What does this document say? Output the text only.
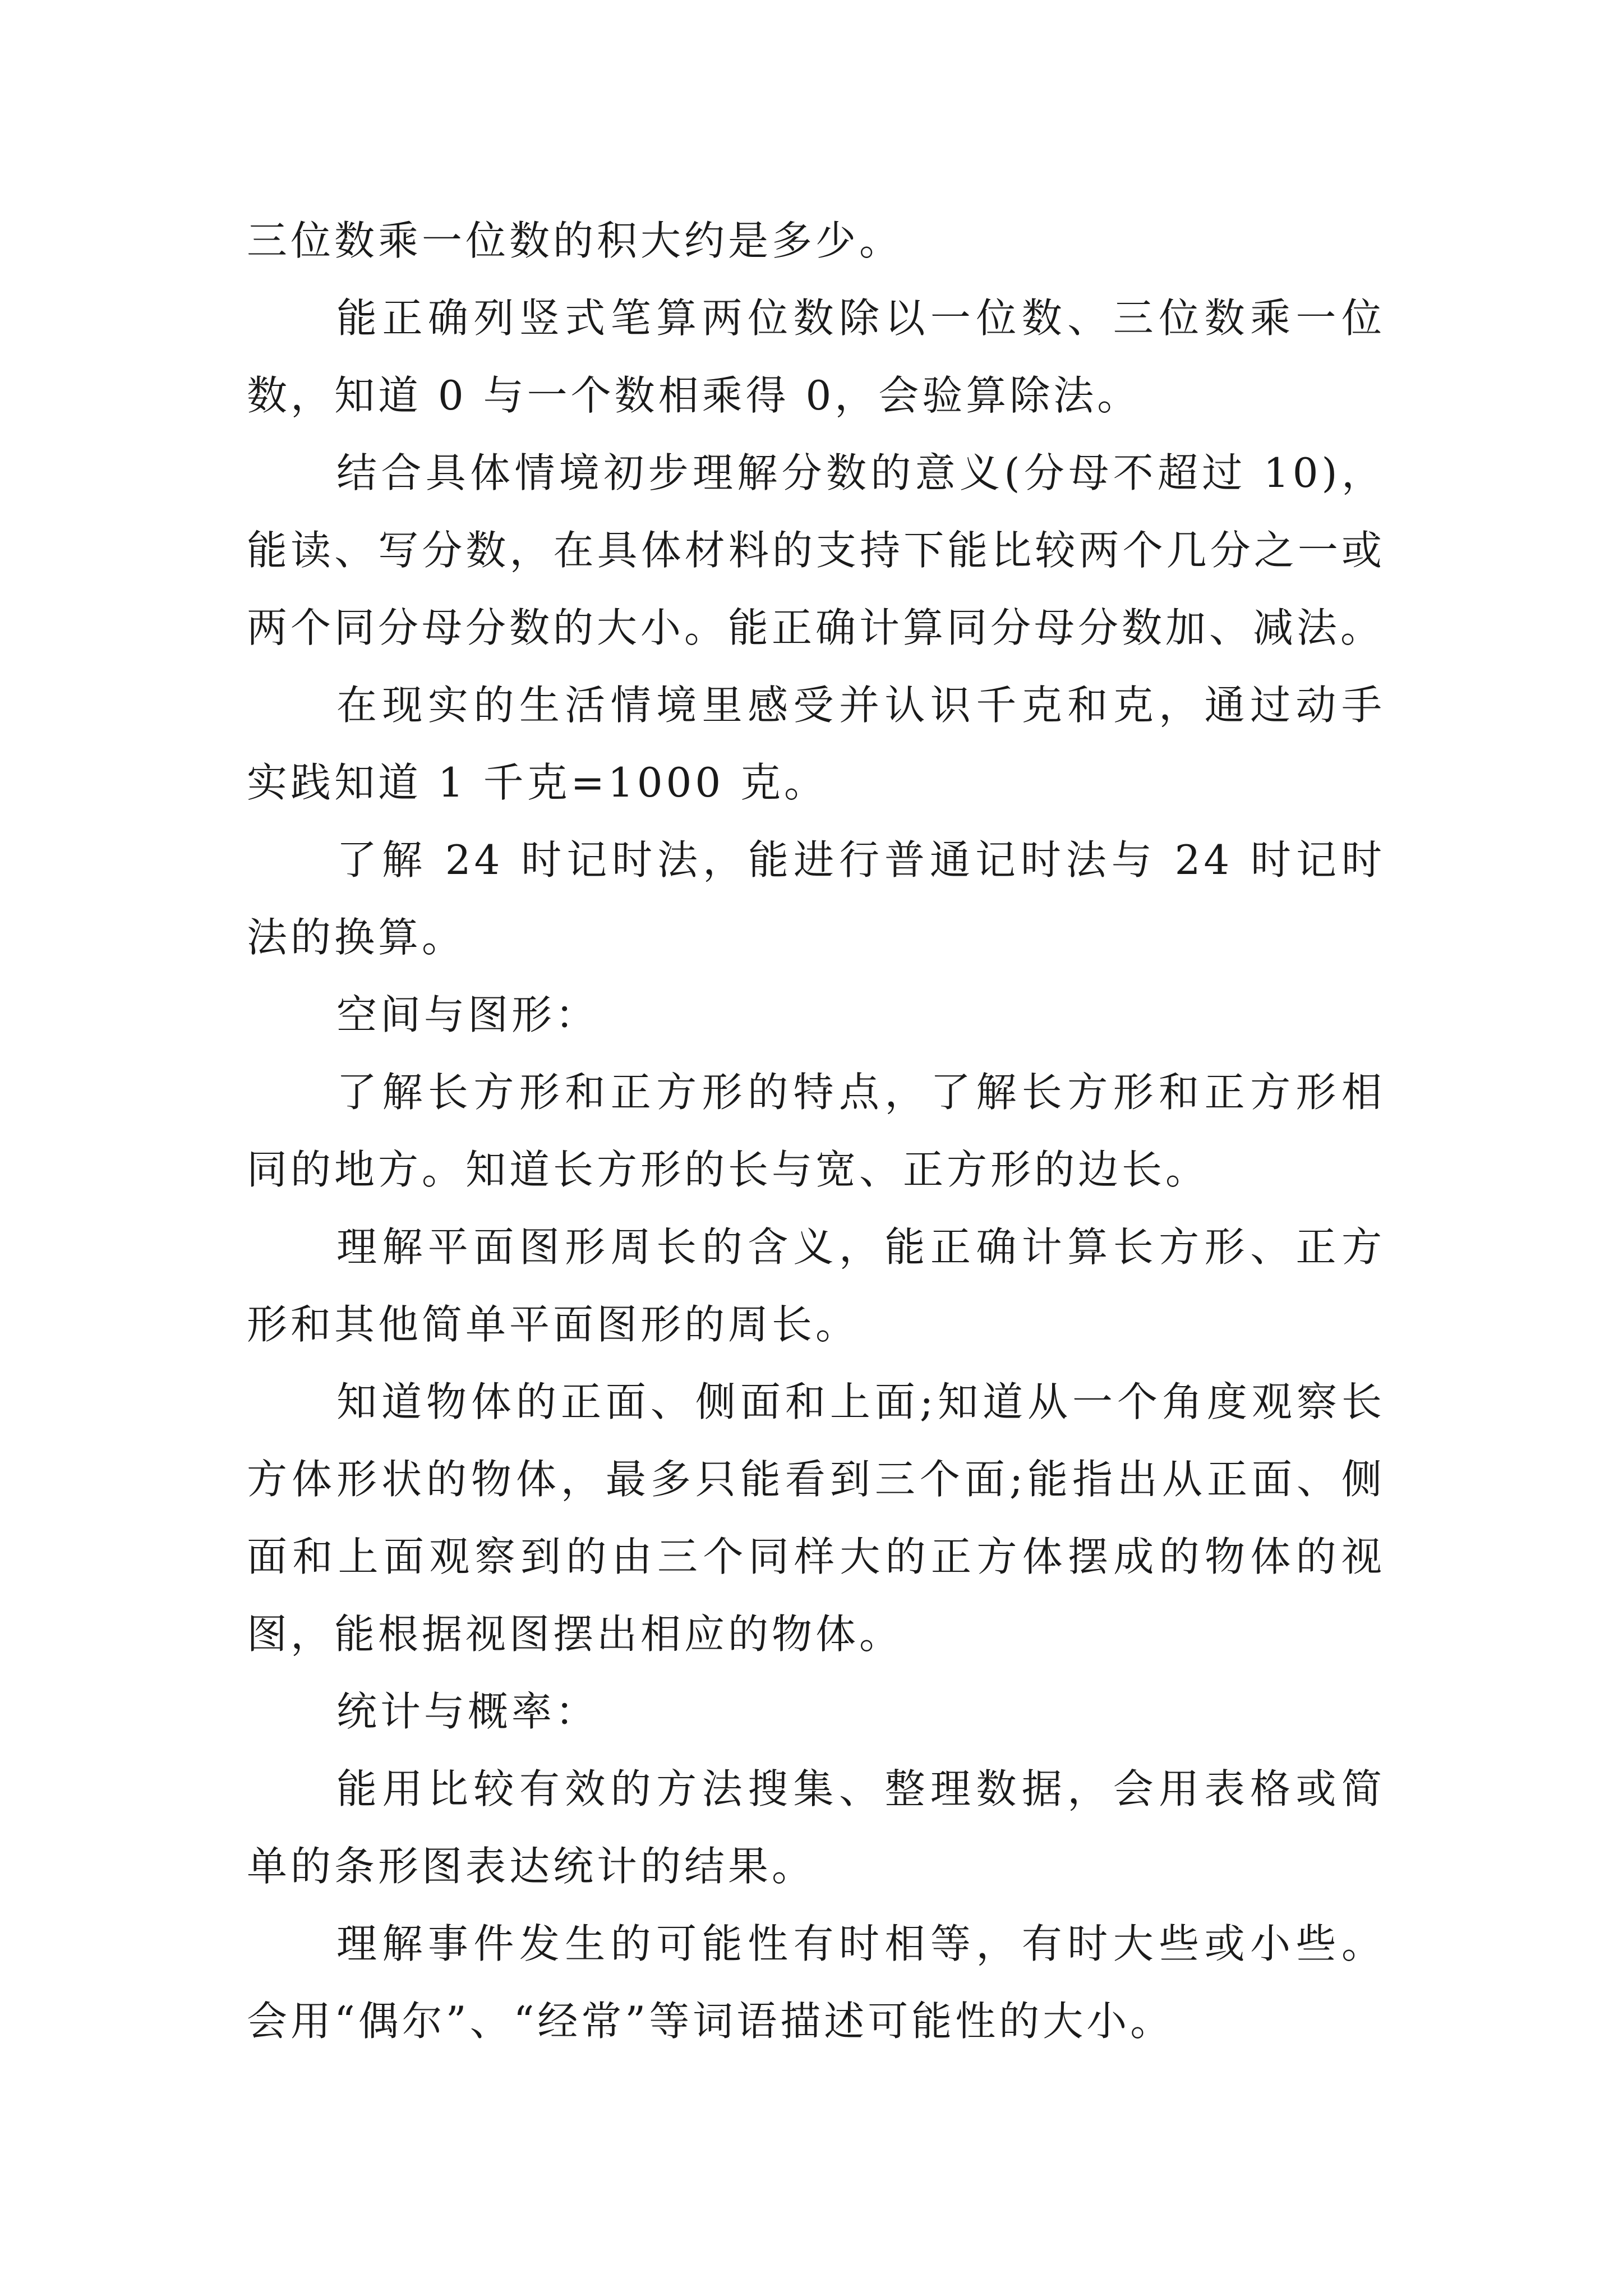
三位数乘一位数的积大约是多少。

能正确列竖式笔算两位数除以一位数、三位数乘一位数，知道 0 与一个数相乘得 0，会验算除法。

结合具体情境初步理解分数的意义(分母不超过 10)，能读、写分数，在具体材料的支持下能比较两个几分之一或两个同分母分数的大小。能正确计算同分母分数加、减法。

在现实的生活情境里感受并认识千克和克，通过动手实践知道 1 千克=1000 克。

了解 24 时记时法，能进行普通记时法与 24 时记时法的换算。

空间与图形：

了解长方形和正方形的特点，了解长方形和正方形相同的地方。知道长方形的长与宽、正方形的边长。

理解平面图形周长的含义，能正确计算长方形、正方形和其他简单平面图形的周长。

知道物体的正面、侧面和上面;知道从一个角度观察长方体形状的物体，最多只能看到三个面;能指出从正面、侧面和上面观察到的由三个同样大的正方体摆成的物体的视图，能根据视图摆出相应的物体。

统计与概率：

能用比较有效的方法搜集、整理数据，会用表格或简单的条形图表达统计的结果。

理解事件发生的可能性有时相等，有时大些或小些。会用“偶尔”、“经常”等词语描述可能性的大小。
